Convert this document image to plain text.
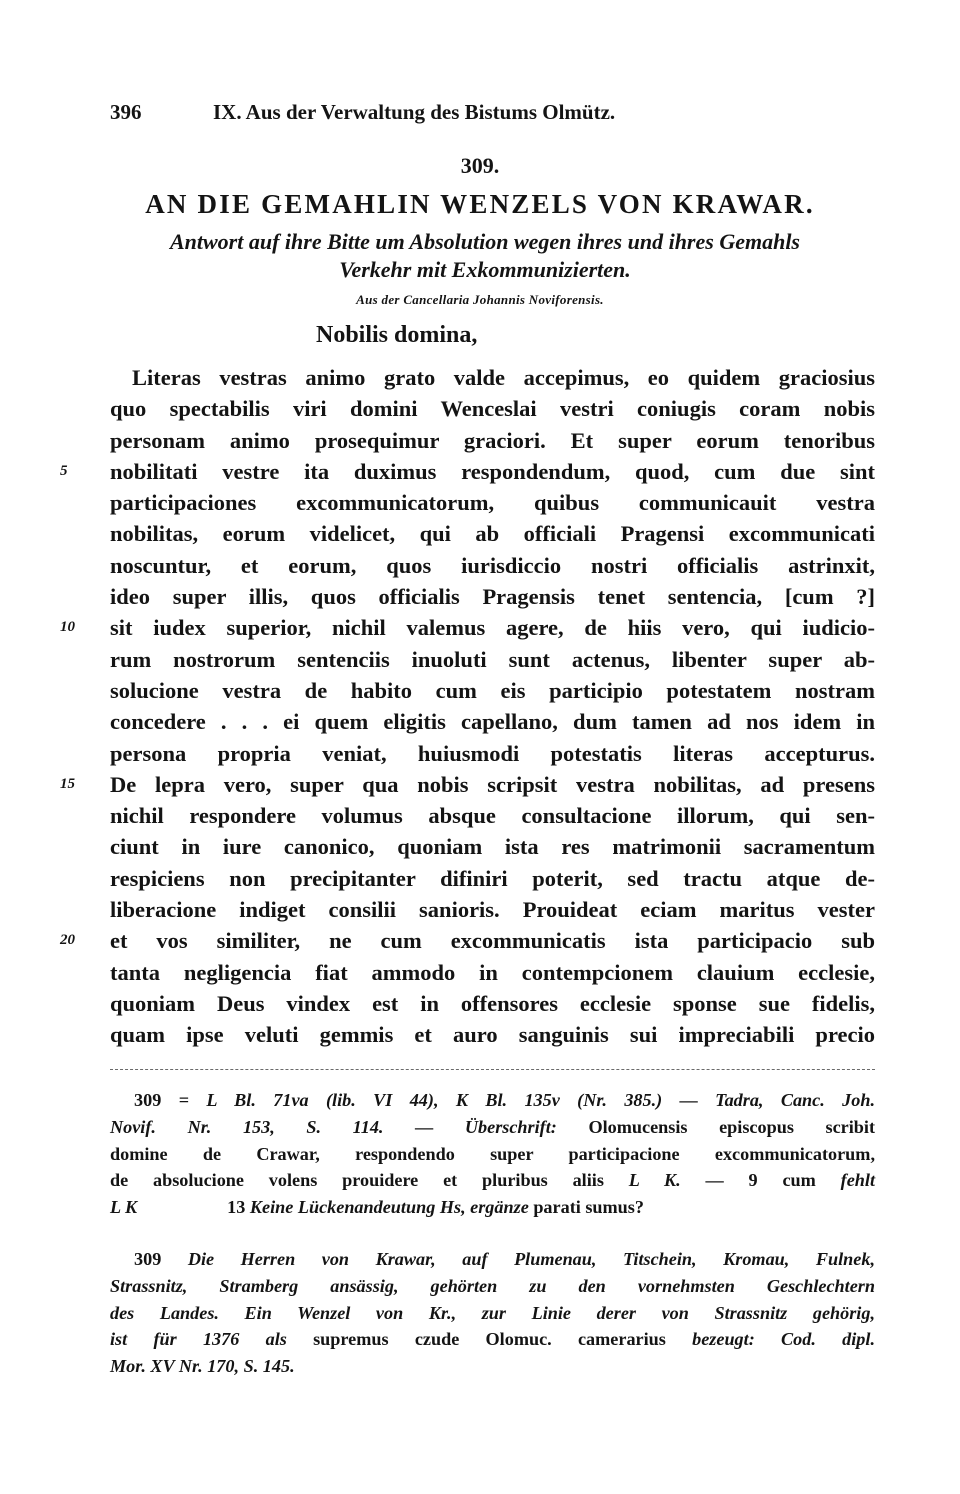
396	IX. Aus der Verwaltung des Bistums Olmütz.
309.
AN DIE GEMAHLIN WENZELS VON KRAWAR.
Antwort auf ihre Bitte um Absolution wegen ihres und ihres Gemahls
Verkehr mit Exkommunizierten.
Aus der Cancellaria Johannis Noviforensis.
Nobilis domina,
Literas vestras animo grato valde accepimus, eo quidem graciosius
quo spectabilis viri domini Wenceslai vestri coniugis coram nobis
personam animo prosequimur graciori. Et super eorum tenoribus
5	nobilitati vestre ita duximus respondendum, quod, cum due sint
participaciones excommunicatorum, quibus communicauit vestra
nobilitas, eorum videlicet, qui ab officiali Pragensi excommunicati
noscuntur, et eorum, quos iurisdiccio nostri officialis astrinxit,
ideo super illis, quos officialis Pragensis tenet sentencia, [cum ?]
10	sit iudex superior, nichil valemus agere, de hiis vero, qui iudicio-
rum nostrorum sentenciis inuoluti sunt actenus, libenter super ab-
solucione vestra de habito cum eis participio potestatem nostram
concedere . . . ei quem eligitis capellano, dum tamen ad nos idem in
persona propria veniat, huiusmodi potestatis literas accepturus.
15	De lepra vero, super qua nobis scripsit vestra nobilitas, ad presens
nichil respondere volumus absque consultacione illorum, qui sen-
ciunt in iure canonico, quoniam ista res matrimonii sacramentum
respiciens non precipitanter difiniri poterit, sed tractu atque de-
liberacione indiget consilii sanioris. Prouideat eciam maritus vester
20	et vos similiter, ne cum excommunicatis ista participacio sub
tanta negligencia fiat ammodo in contempcionem clauium ecclesie,
quoniam Deus vindex est in offensores ecclesie sponse sue fidelis,
quam ipse veluti gemmis et auro sanguinis sui impreciabili precio
309 = L Bl. 71va (lib. VI 44), K Bl. 135v (Nr. 385.) — Tadra, Canc. Joh.
Novif. Nr. 153, S. 114. — Überschrift: Olomucensis episcopus scribit
domine de Crawar, respondendo super participacione excommunicatorum,
de absolucione volens prouidere et pluribus aliis L K. — 9 cum fehlt
L K	13 Keine Lückenandeutung Hs, ergänze parati sumus?
309 Die Herren von Krawar, auf Plumenau, Titschein, Kromau, Fulnek,
Strassnitz, Stramberg ansässig, gehörten zu den vornehmsten Geschlechtern
des Landes. Ein Wenzel von Kr., zur Linie derer von Strassnitz gehörig,
ist für 1376 als supremus czude Olomuc. camerarius bezeugt: Cod. dipl.
Mor. XV Nr. 170, S. 145.
